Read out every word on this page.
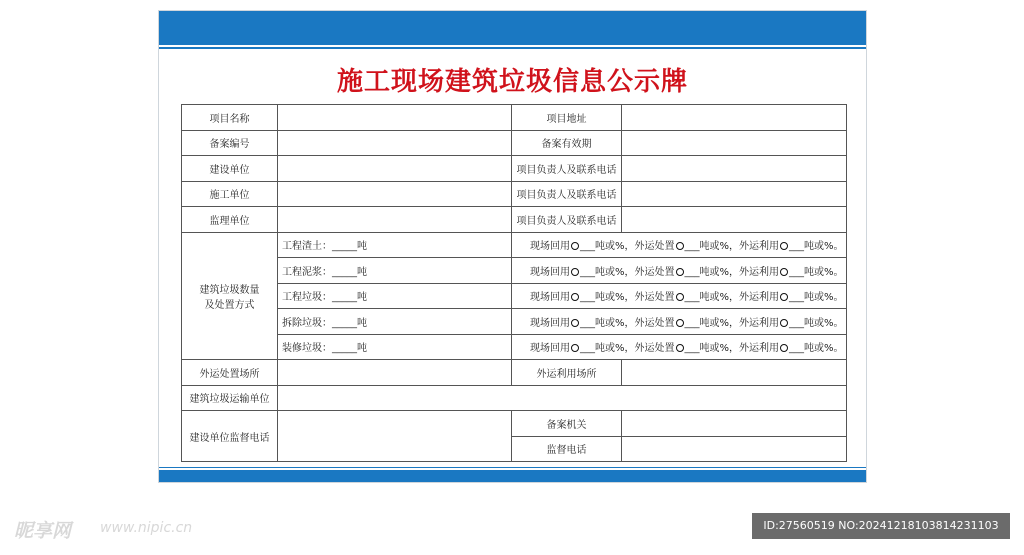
施工现场建筑垃圾信息公示牌
项目名称		项目地址	
备案编号		备案有效期	
建设单位		项目负责人及联系电话	
施工单位		项目负责人及联系电话	
监理单位		项目负责人及联系电话	

建筑垃圾数量
及处置方式	工程渣土：_____吨	现场回用 ___吨或%，外运处置 ___吨或%，外运利用 ___吨或%。	
	工程泥浆：_____吨	现场回用 ___吨或%，外运处置 ___吨或%，外运利用 ___吨或%。	
	工程垃圾：_____吨	现场回用 ___吨或%，外运处置 ___吨或%，外运利用 ___吨或%。	
	拆除垃圾：_____吨	现场回用 ___吨或%，外运处置 ___吨或%，外运利用 ___吨或%。	
	装修垃圾：_____吨	现场回用 ___吨或%，外运处置 ___吨或%，外运利用 ___吨或%。	
外运处置场所		外运利用场所	
建筑垃圾运输单位			
建设单位监督电话		备案机关	
		监督电话	
昵享网 www.nipic.cn	ID:27560519 NO:20241218103814231103
